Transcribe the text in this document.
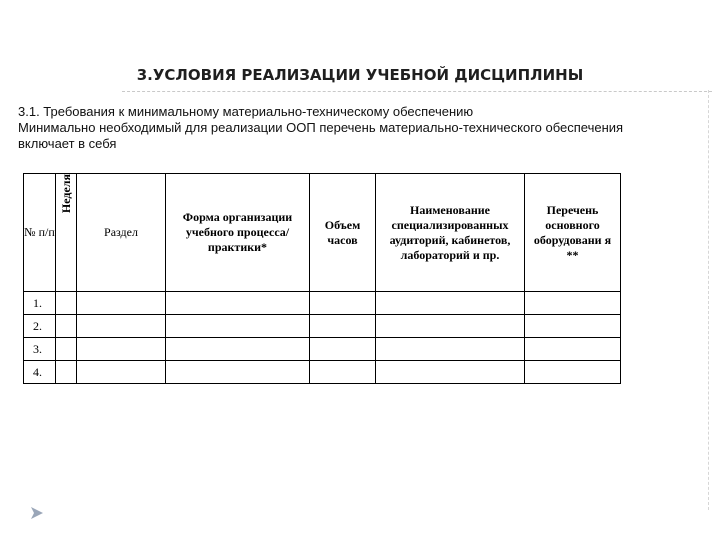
3.УСЛОВИЯ РЕАЛИЗАЦИИ УЧЕБНОЙ ДИСЦИПЛИНЫ
3.1. Требования к минимальному материально-техническому обеспечению
Минимально необходимый для реализации ООП перечень материально-технического обеспечения
включает в себя
№ п/п	Неделя	Раздел	Форма организации учебного процесса/практики*	Объем часов	Наименование специализированных аудиторий, кабинетов, лабораторий и пр.	Перечень основного оборудовани я **
1.						
2.						
3.						
4.						
